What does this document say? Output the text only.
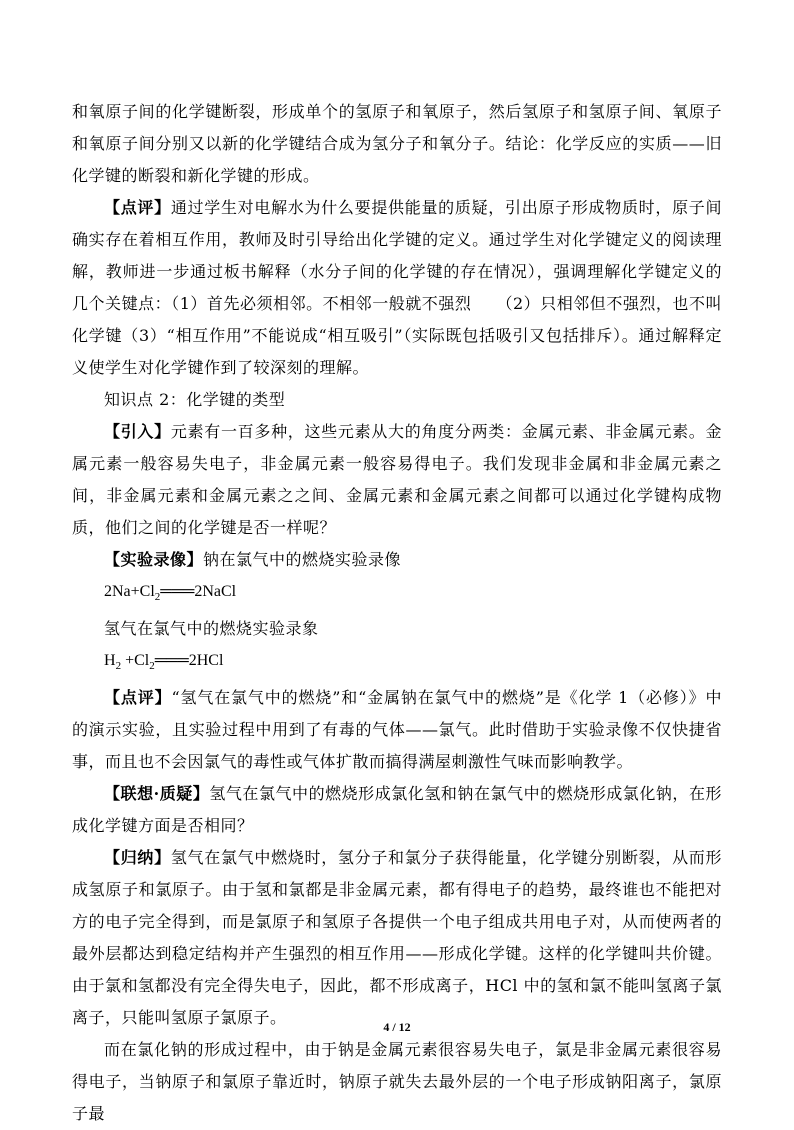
和氧原子间的化学键断裂，形成单个的氢原子和氧原子，然后氢原子和氢原子间、氧原子和氧原子间分别又以新的化学键结合成为氢分子和氧分子。结论：化学反应的实质——旧化学键的断裂和新化学键的形成。

【点评】通过学生对电解水为什么要提供能量的质疑，引出原子形成物质时，原子间确实存在着相互作用，教师及时引导给出化学键的定义。通过学生对化学键定义的阅读理解，教师进一步通过板书解释（水分子间的化学键的存在情况），强调理解化学键定义的几个关键点：（1）首先必须相邻。不相邻一般就不强烈　　（2）只相邻但不强烈，也不叫化学键（3）“相互作用”不能说成“相互吸引”（实际既包括吸引又包括排斥）。通过解释定义使学生对化学键作到了较深刻的理解。

知识点 2：化学键的类型

【引入】元素有一百多种，这些元素从大的角度分两类：金属元素、非金属元素。金属元素一般容易失电子，非金属元素一般容易得电子。我们发现非金属和非金属元素之间，非金属元素和金属元素之之间、金属元素和金属元素之间都可以通过化学键构成物质，他们之间的化学键是否一样呢？

【实验录像】钠在氯气中的燃烧实验录像

$2Na+Cl_2═══2NaCl$

氢气在氯气中的燃烧实验录象

$H_2$ $+Cl_2═══2HCl$

【点评】“氢气在氯气中的燃烧”和“金属钠在氯气中的燃烧”是《化学 1（必修）》中的演示实验，且实验过程中用到了有毒的气体——氯气。此时借助于实验录像不仅快捷省事，而且也不会因氯气的毒性或气体扩散而搞得满屋刺激性气味而影响教学。

【联想·质疑】氢气在氯气中的燃烧形成氯化氢和钠在氯气中的燃烧形成氯化钠，在形成化学键方面是否相同？

【归纳】氢气在氯气中燃烧时，氢分子和氯分子获得能量，化学键分别断裂，从而形成氢原子和氯原子。由于氢和氯都是非金属元素，都有得电子的趋势，最终谁也不能把对方的电子完全得到，而是氯原子和氢原子各提供一个电子组成共用电子对，从而使两者的最外层都达到稳定结构并产生强烈的相互作用——形成化学键。这样的化学键叫共价键。由于氯和氢都没有完全得失电子，因此，都不形成离子，HCl 中的氢和氯不能叫氢离子氯离子，只能叫氢原子氯原子。

而在氯化钠的形成过程中，由于钠是金属元素很容易失电子，氯是非金属元素很容易得电子，当钠原子和氯原子靠近时，钠原子就失去最外层的一个电子形成钠阳离子，氯原子最

4 / 12
